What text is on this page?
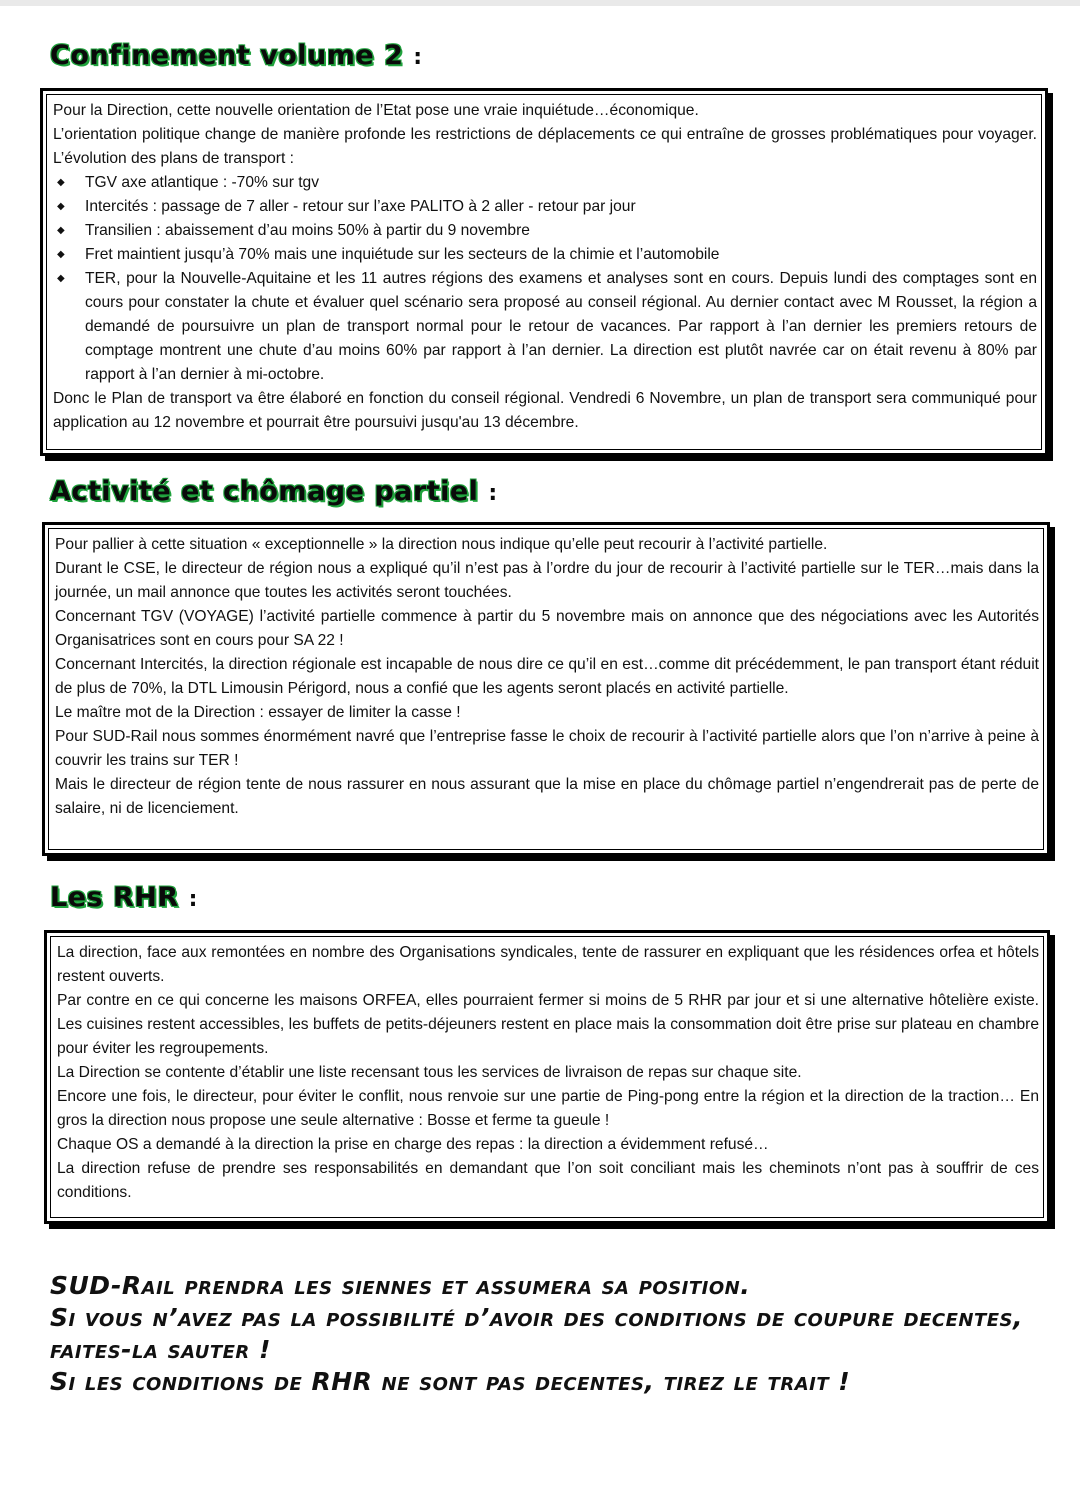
Confinement volume 2 :

Pour la Direction, cette nouvelle orientation de l’Etat pose une vraie inquiétude…économique.

L’orientation politique change de manière profonde les restrictions de déplacements ce qui entraîne de grosses problématiques pour voyager. L’évolution des plans de transport :

◆ TGV axe atlantique : -70% sur tgv
◆ Intercités : passage de 7 aller - retour sur l’axe PALITO à 2 aller - retour par jour
◆ Transilien : abaissement d’au moins 50% à partir du 9 novembre
◆ Fret maintient jusqu’à 70% mais une inquiétude sur les secteurs de la chimie et l’automobile
◆ TER, pour la Nouvelle-Aquitaine et les 11 autres régions des examens et analyses sont en cours. Depuis lundi des comptages sont en cours pour constater la chute et évaluer quel scénario sera proposé au conseil régional. Au dernier contact avec M Rousset, la région a demandé de poursuivre un plan de transport normal pour le retour de vacances. Par rapport à l’an dernier les premiers retours de comptage montrent une chute d’au moins 60% par rapport à l’an dernier. La direction est plutôt navrée car on était revenu à 80% par rapport à l’an dernier à mi-octobre.

Donc le Plan de transport va être élaboré en fonction du conseil régional. Vendredi 6 Novembre, un plan de transport sera communiqué pour application au 12 novembre et pourrait être poursuivi jusqu'au 13 décembre.

Activité et chômage partiel :

Pour pallier à cette situation « exceptionnelle » la direction nous indique qu’elle peut recourir à l’activité partielle.

Durant le CSE, le directeur de région nous a expliqué qu’il n’est pas à l’ordre du jour de recourir à l’activité partielle sur le TER…mais dans la journée, un mail annonce que toutes les activités seront touchées.

Concernant TGV (VOYAGE) l’activité partielle commence à partir du 5 novembre mais on annonce que des négociations avec les Autorités Organisatrices sont en cours pour SA 22 !

Concernant Intercités, la direction régionale est incapable de nous dire ce qu’il en est…comme dit précédemment, le pan transport étant réduit de plus de 70%, la DTL Limousin Périgord, nous a confié que les agents seront placés en activité partielle.

Le maître mot de la Direction : essayer de limiter la casse !

Pour SUD-Rail nous sommes énormément navré que l’entreprise fasse le choix de recourir à l’activité partielle alors que l’on n’arrive à peine à couvrir les trains sur TER !

Mais le directeur de région tente de nous rassurer en nous assurant que la mise en place du chômage partiel n’engendrerait pas de perte de salaire, ni de licenciement.

Les RHR :

La direction, face aux remontées en nombre des Organisations syndicales, tente de rassurer en expliquant que les résidences orfea et hôtels restent ouverts.

Par contre en ce qui concerne les maisons ORFEA, elles pourraient fermer si moins de 5 RHR par jour et si une alternative hôtelière existe. Les cuisines restent accessibles, les buffets de petits-déjeuners restent en place mais la consommation doit être prise sur plateau en chambre pour éviter les regroupements.

La Direction se contente d’établir une liste recensant tous les services de livraison de repas sur chaque site.

Encore une fois, le directeur, pour éviter le conflit, nous renvoie sur une partie de Ping-pong entre la région et la direction de la traction… En gros la direction nous propose une seule alternative : Bosse et ferme ta gueule !

Chaque OS a demandé à la direction la prise en charge des repas : la direction a évidemment refusé…

La direction refuse de prendre ses responsabilités en demandant que l’on soit conciliant mais les cheminots n’ont pas à souffrir de ces conditions.

SUD-Rail prendra les siennes et assumera sa position.

Si vous n’avez pas la possibilité d’avoir des conditions de coupure decentes, faites-la sauter !

Si les conditions de RHR ne sont pas decentes, tirez le trait !
